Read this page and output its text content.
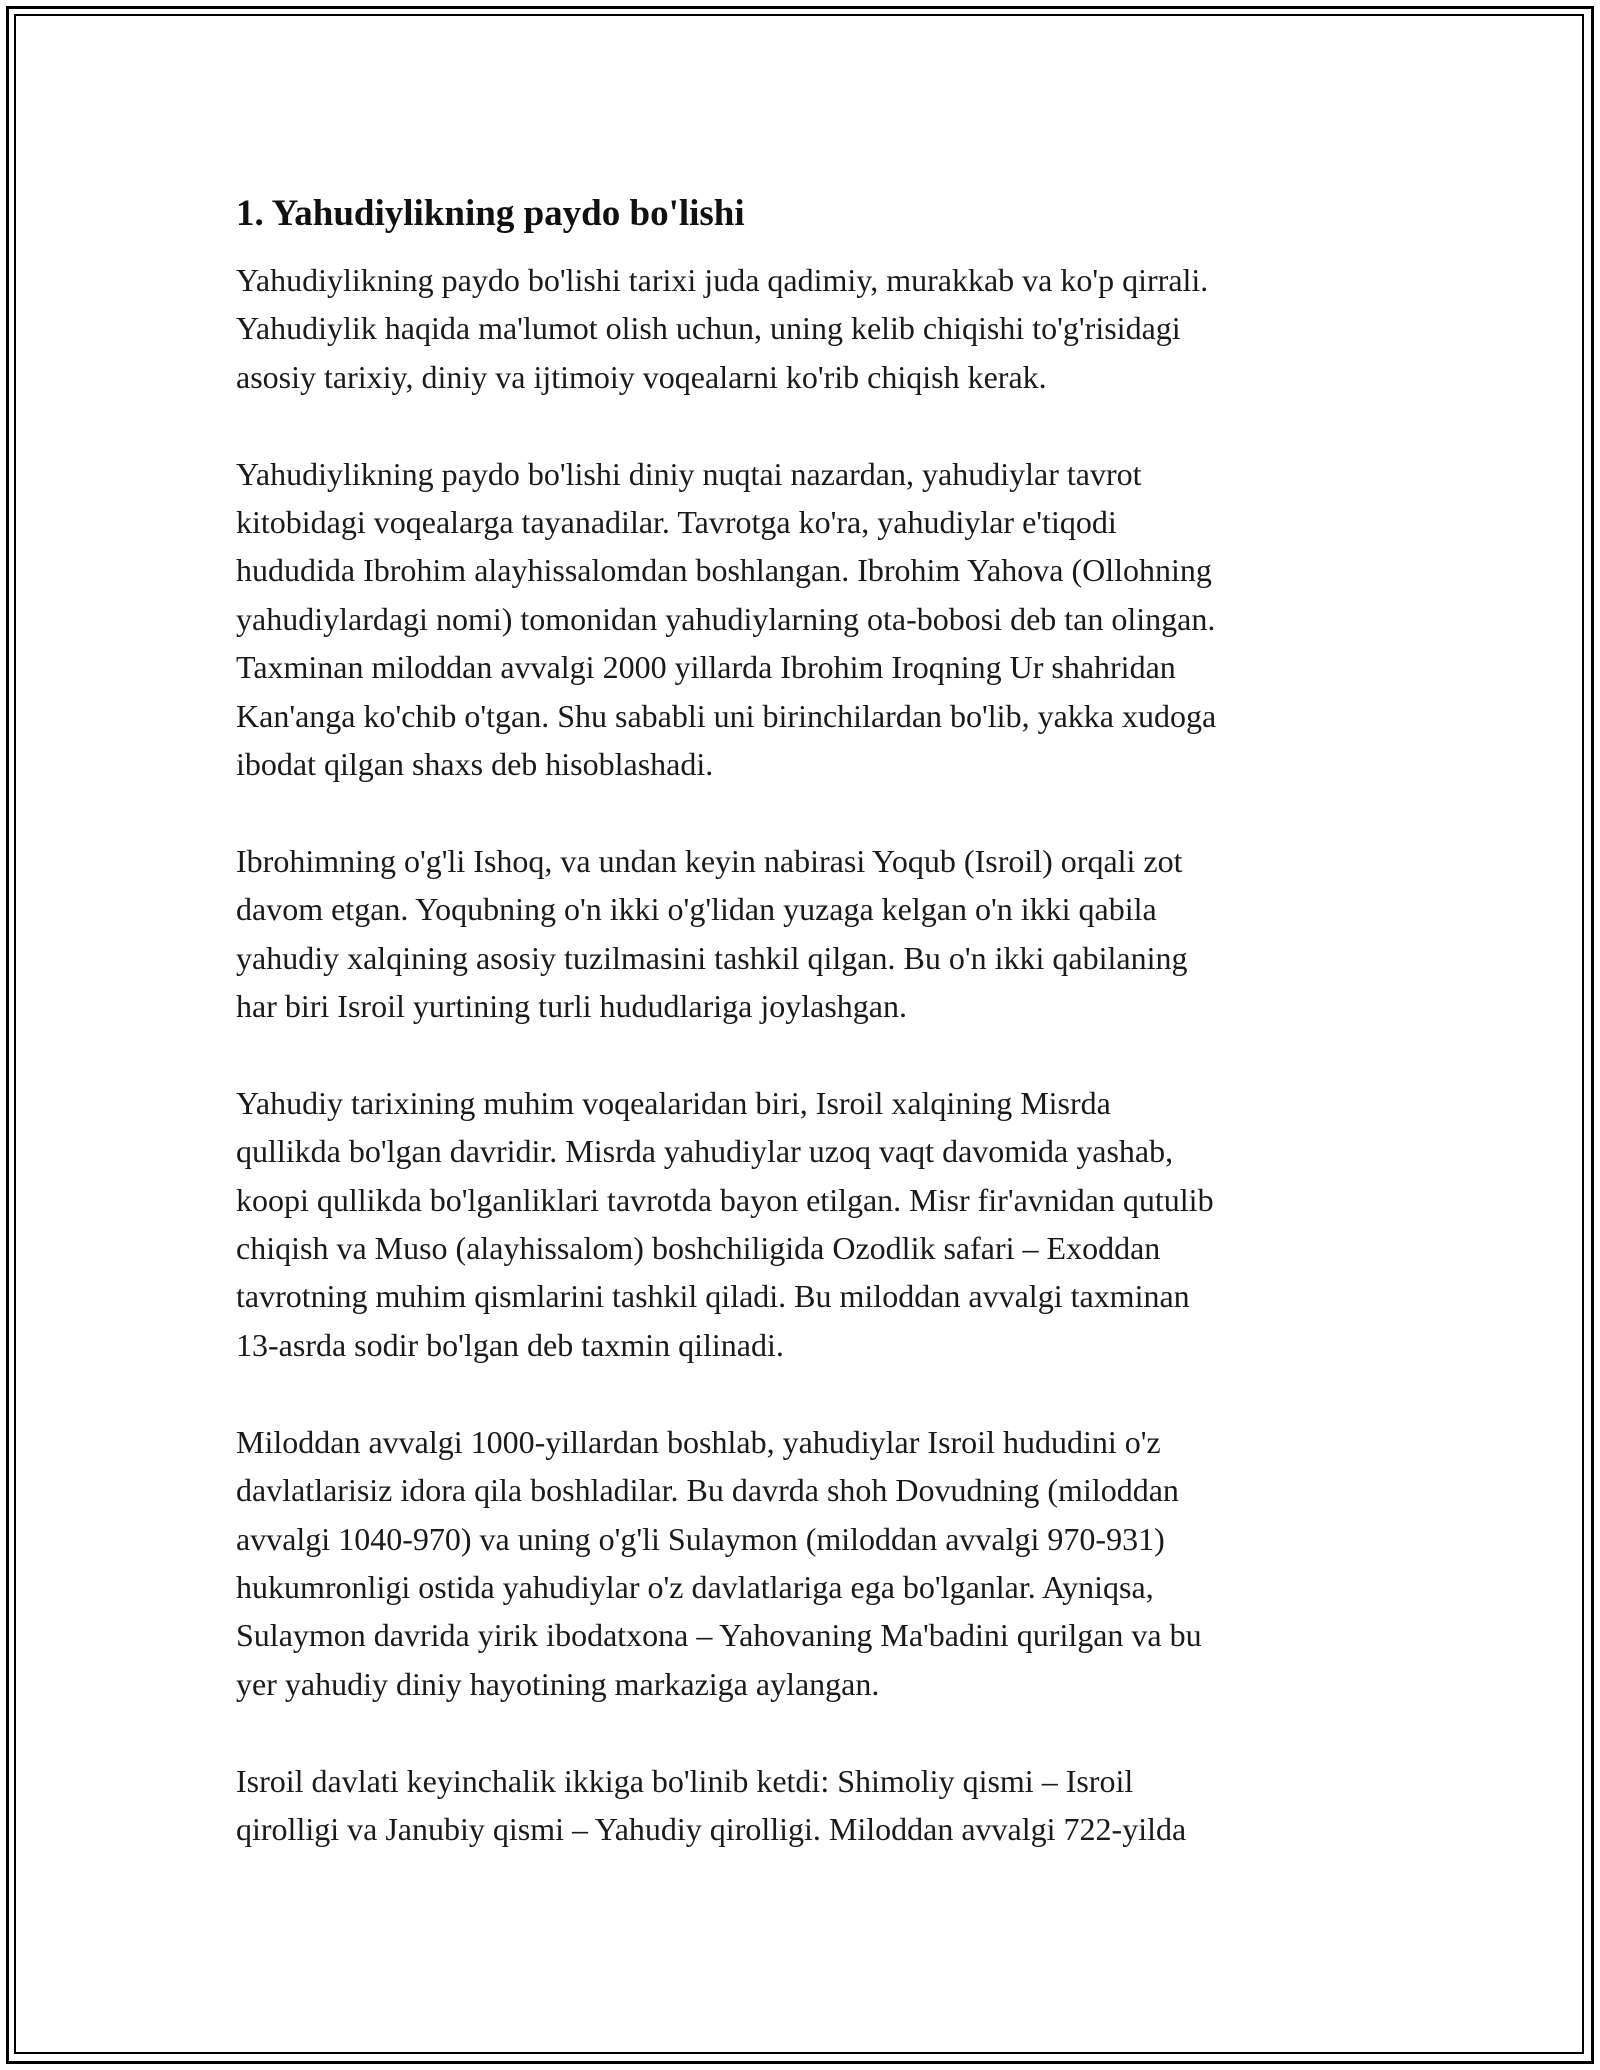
1. Yahudiylikning paydo bo'lishi

Yahudiylikning paydo bo'lishi tarixi juda qadimiy, murakkab va ko'p qirrali.
Yahudiylik haqida ma'lumot olish uchun, uning kelib chiqishi to'g'risidagi
asosiy tarixiy, diniy va ijtimoiy voqealarni ko'rib chiqish kerak.

Yahudiylikning paydo bo'lishi diniy nuqtai nazardan, yahudiylar tavrot
kitobidagi voqealarga tayanadilar. Tavrotga ko'ra, yahudiylar e'tiqodi
hududida Ibrohim alayhissalomdan boshlangan. Ibrohim Yahova (Ollohning
yahudiylardagi nomi) tomonidan yahudiylarning ota-bobosi deb tan olingan.
Taxminan miloddan avvalgi 2000 yillarda Ibrohim Iroqning Ur shahridan
Kan'anga ko'chib o'tgan. Shu sababli uni birinchilardan bo'lib, yakka xudoga
ibodat qilgan shaxs deb hisoblashadi.

Ibrohimning o'g'li Ishoq, va undan keyin nabirasi Yoqub (Isroil) orqali zot
davom etgan. Yoqubning o'n ikki o'g'lidan yuzaga kelgan o'n ikki qabila
yahudiy xalqining asosiy tuzilmasini tashkil qilgan. Bu o'n ikki qabilaning
har biri Isroil yurtining turli hududlariga joylashgan.

Yahudiy tarixining muhim voqealaridan biri, Isroil xalqining Misrda
qullikda bo'lgan davridir. Misrda yahudiylar uzoq vaqt davomida yashab,
koopi qullikda bo'lganliklari tavrotda bayon etilgan. Misr fir'avnidan qutulib
chiqish va Muso (alayhissalom) boshchiligida Ozodlik safari – Exoddan
tavrotning muhim qismlarini tashkil qiladi. Bu miloddan avvalgi taxminan
13-asrda sodir bo'lgan deb taxmin qilinadi.

Miloddan avvalgi 1000-yillardan boshlab, yahudiylar Isroil hududini o'z
davlatlarisiz idora qila boshladilar. Bu davrda shoh Dovudning (miloddan
avvalgi 1040-970) va uning o'g'li Sulaymon (miloddan avvalgi 970-931)
hukumronligi ostida yahudiylar o'z davlatlariga ega bo'lganlar. Ayniqsa,
Sulaymon davrida yirik ibodatxona – Yahovaning Ma'badini qurilgan va bu
yer yahudiy diniy hayotining markaziga aylangan.

Isroil davlati keyinchalik ikkiga bo'linib ketdi: Shimoliy qismi – Isroil
qirolligi va Janubiy qismi – Yahudiy qirolligi. Miloddan avvalgi 722-yilda
